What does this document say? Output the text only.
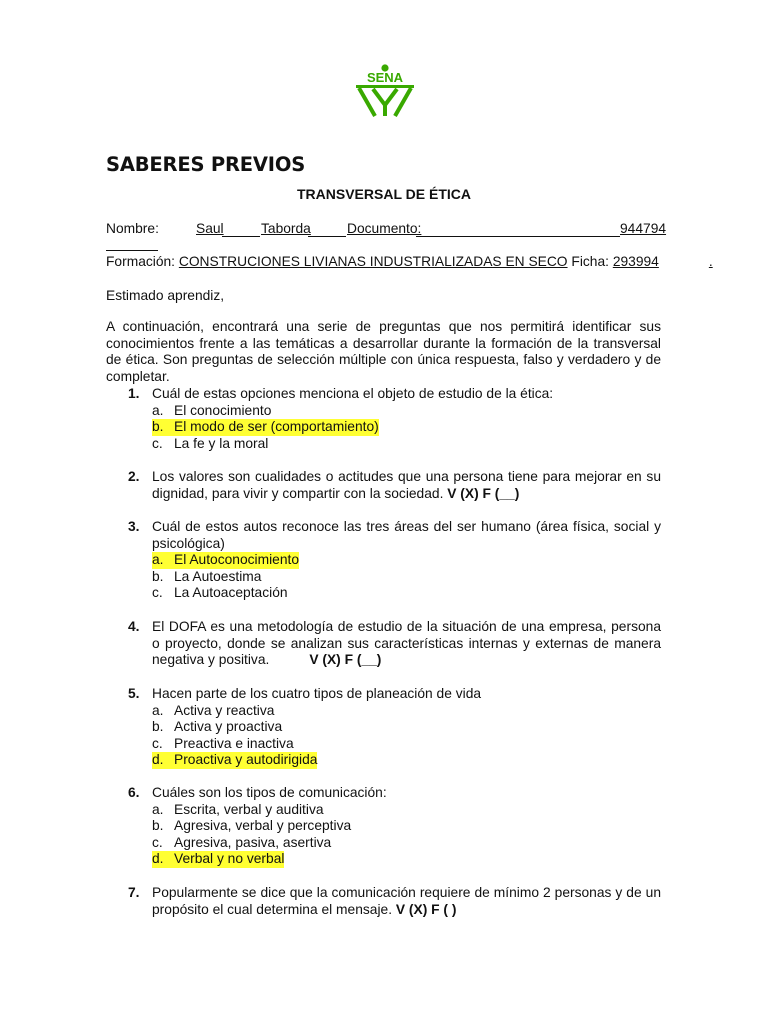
SENA
SABERES PREVIOS
TRANSVERSAL DE ÉTICA
Nombre:	Saul	Taborda	Documento:	944794
Formación: CONSTRUCIONES LIVIANAS INDUSTRIALIZADAS EN SECO Ficha: 293994	.
Estimado aprendiz,
A continuación, encontrará una serie de preguntas que nos permitirá identificar sus conocimientos frente a las temáticas a desarrollar durante la formación de la transversal de ética. Son preguntas de selección múltiple con única respuesta, falso y verdadero y de completar.
1. Cuál de estas opciones menciona el objeto de estudio de la ética:
a. El conocimiento
b. El modo de ser (comportamiento)
c. La fe y la moral
2. Los valores son cualidades o actitudes que una persona tiene para mejorar en su dignidad, para vivir y compartir con la sociedad. V (X) F (__)
3. Cuál de estos autos reconoce las tres áreas del ser humano (área física, social y psicológica)
a. El Autoconocimiento
b. La Autoestima
c. La Autoaceptación
4. El DOFA es una metodología de estudio de la situación de una empresa, persona o proyecto, donde se analizan sus características internas y externas de manera negativa y positiva.	V (X) F (__)
5. Hacen parte de los cuatro tipos de planeación de vida
a. Activa y reactiva
b. Activa y proactiva
c. Preactiva e inactiva
d. Proactiva y autodirigida
6. Cuáles son los tipos de comunicación:
a. Escrita, verbal y auditiva
b. Agresiva, verbal y perceptiva
c. Agresiva, pasiva, asertiva
d. Verbal y no verbal
7. Popularmente se dice que la comunicación requiere de mínimo 2 personas y de un propósito el cual determina el mensaje. V (X) F ( )
